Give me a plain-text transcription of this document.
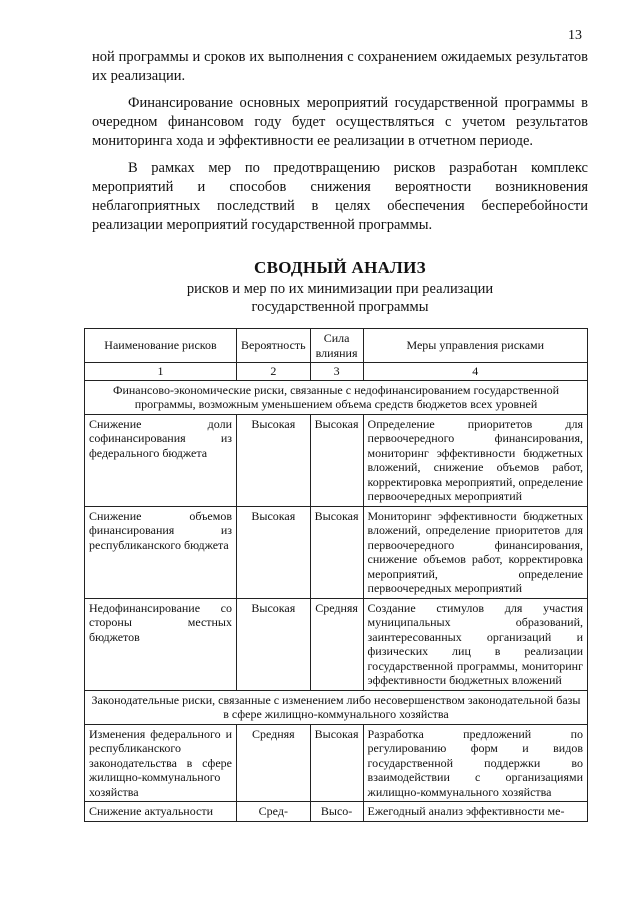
13

ной программы и сроков их выполнения с сохранением ожидаемых результатов их реализации.

Финансирование основных мероприятий государственной программы в очередном финансовом году будет осуществляться с учетом результатов мониторинга хода и эффективности ее реализации в отчетном периоде.

В рамках мер по предотвращению рисков разработан комплекс мероприятий и способов снижения вероятности возникновения неблагоприятных последствий в целях обеспечения бесперебойности реализации мероприятий государственной программы.

СВОДНЫЙ АНАЛИЗ
рисков и мер по их минимизации при реализации
государственной программы
Наименование рисков	Вероятность	Сила влияния	Меры управления рисками
1	2	3	4
Финансово-экономические риски, связанные с недофинансированием государственной программы, возможным уменьшением объема средств бюджетов всех уровней			
Снижение доли софинансирования из федерального бюджета	Высокая	Высокая	Определение приоритетов для первоочередного финансирования, мониторинг эффективности бюджетных вложений, снижение объемов работ, корректировка мероприятий, определение первоочередных мероприятий
Снижение объемов финансирования из республиканского бюджета	Высокая	Высокая	Мониторинг эффективности бюджетных вложений, определение приоритетов для первоочередного финансирования, снижение объемов работ, корректировка мероприятий, определение первоочередных мероприятий
Недофинансирование со стороны местных бюджетов	Высокая	Средняя	Создание стимулов для участия муниципальных образований, заинтересованных организаций и физических лиц в реализации государственной программы, мониторинг эффективности бюджетных вложений
Законодательные риски, связанные с изменением либо несовершенством законодательной базы в сфере жилищно-коммунального хозяйства			
Изменения федерального и республиканского законодательства в сфере жилищно-коммунального хозяйства	Средняя	Высокая	Разработка предложений по регулированию форм и видов государственной поддержки во взаимодействии с организациями жилищно-коммунального хозяйства
Снижение актуальности	Сред-	Высо-	Ежегодный анализ эффективности ме-
